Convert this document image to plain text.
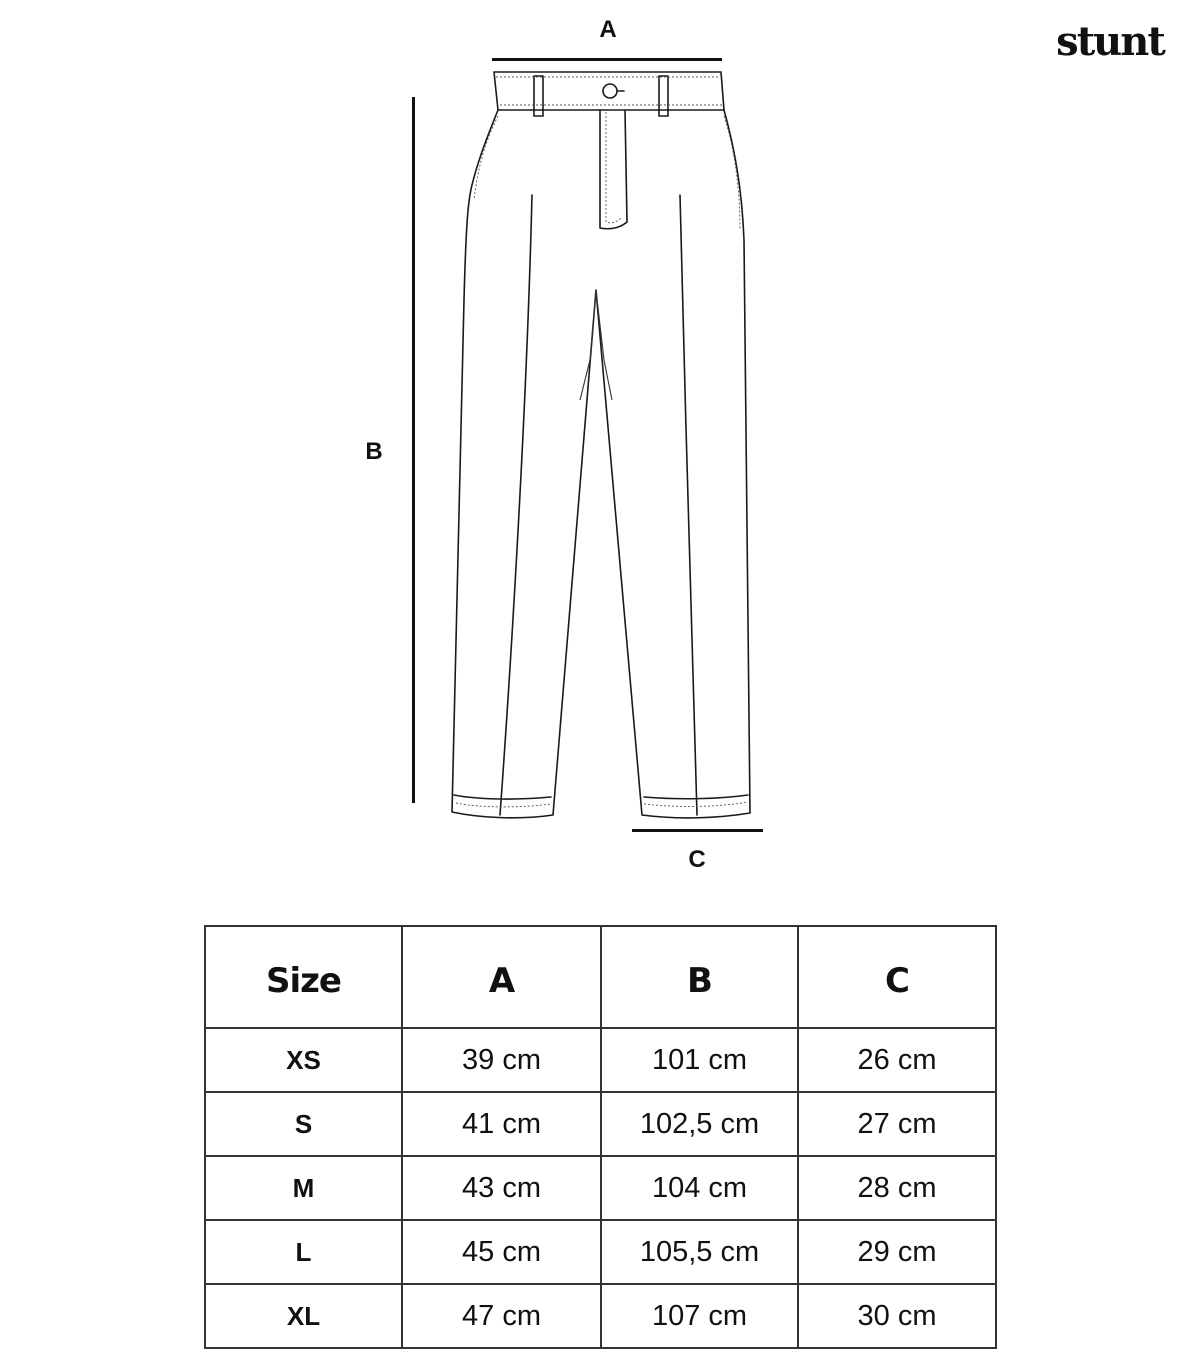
stunt
A
B
C
Size	A	B	C
XS	39 cm	101 cm	26 cm
S	41 cm	102,5 cm	27 cm
M	43 cm	104 cm	28 cm
L	45 cm	105,5 cm	29 cm
XL	47 cm	107 cm	30 cm
